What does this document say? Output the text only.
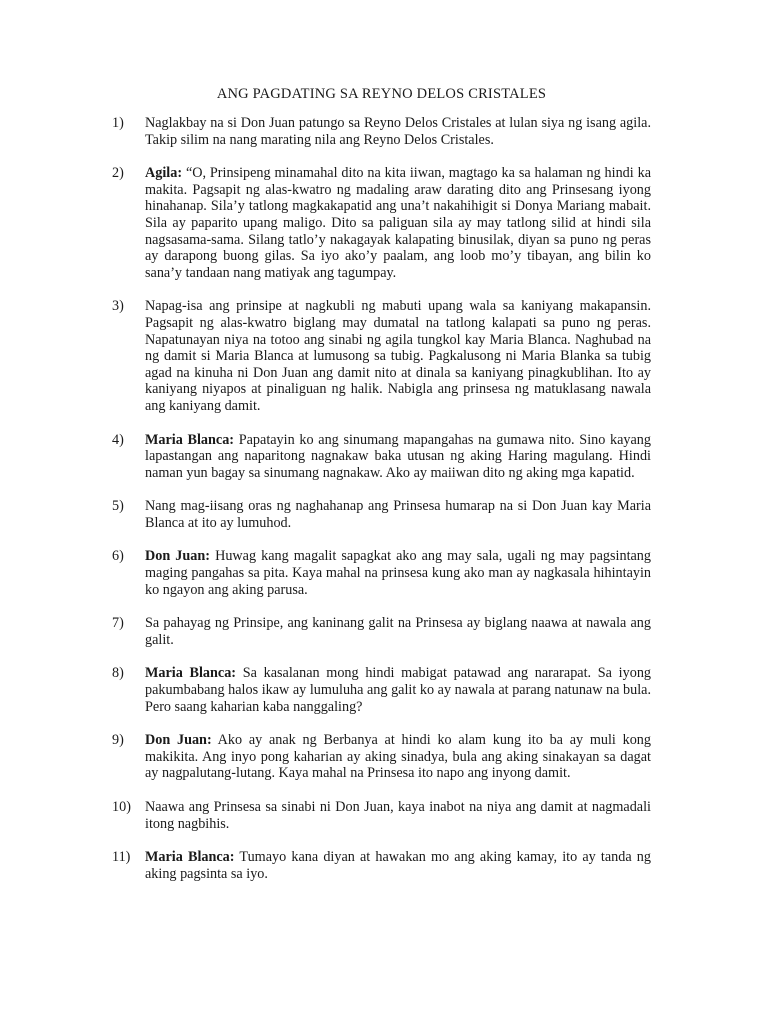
ANG PAGDATING SA REYNO DELOS CRISTALES
1)	Naglakbay na si Don Juan patungo sa Reyno Delos Cristales at lulan siya ng isang agila. Takip silim na nang marating nila ang Reyno Delos Cristales.
2)	Agila: “O, Prinsipeng minamahal dito na kita iiwan, magtago ka sa halaman ng hindi ka makita. Pagsapit ng alas-kwatro ng madaling araw darating dito ang Prinsesang iyong hinahanap. Sila’y tatlong magkakapatid ang una’t nakahihigit si Donya Mariang mabait. Sila ay paparito upang maligo. Dito sa paliguan sila ay may tatlong silid at hindi sila nagsasama-sama. Silang tatlo’y nakagayak kalapating binusilak, diyan sa puno ng peras ay darapong buong gilas. Sa iyo ako’y paalam, ang loob mo’y tibayan, ang bilin ko sana’y tandaan nang matiyak ang tagumpay.
3)	Napag-isa ang prinsipe at nagkubli ng mabuti upang wala sa kaniyang makapansin. Pagsapit ng alas-kwatro biglang may dumatal na tatlong kalapati sa puno ng peras. Napatunayan niya na totoo ang sinabi ng agila tungkol kay Maria Blanca. Naghubad na ng damit si Maria Blanca at lumusong sa tubig. Pagkalusong ni Maria Blanka sa tubig agad na kinuha ni Don Juan ang damit nito at dinala sa kaniyang pinagkublihan. Ito ay kaniyang niyapos at pinaliguan ng halik. Nabigla ang prinsesa ng matuklasang nawala ang kaniyang damit.
4)	Maria Blanca: Papatayin ko ang sinumang mapangahas na gumawa nito. Sino kayang lapastangan ang naparitong nagnakaw baka utusan ng aking Haring magulang. Hindi naman yun bagay sa sinumang nagnakaw. Ako ay maiiwan dito ng aking mga kapatid.
5)	Nang mag-iisang oras ng naghahanap ang Prinsesa humarap na si Don Juan kay Maria Blanca at ito ay lumuhod.
6)	Don Juan: Huwag kang magalit sapagkat ako ang may sala, ugali ng may pagsintang maging pangahas sa pita. Kaya mahal na prinsesa kung ako man ay nagkasala hihintayin ko ngayon ang aking parusa.
7)	Sa pahayag ng Prinsipe, ang kaninang galit na Prinsesa ay biglang naawa at nawala ang galit.
8)	Maria Blanca: Sa kasalanan mong hindi mabigat patawad ang nararapat. Sa iyong pakumbabang halos ikaw ay lumuluha ang galit ko ay nawala at parang natunaw na bula. Pero saang kaharian kaba nanggaling?
9)	Don Juan: Ako ay anak ng Berbanya at hindi ko alam kung ito ba ay muli kong makikita. Ang inyo pong kaharian ay aking sinadya, bula ang aking sinakayan sa dagat ay nagpalutang-lutang. Kaya mahal na Prinsesa ito napo ang inyong damit.
10) Naawa ang Prinsesa sa sinabi ni Don Juan, kaya inabot na niya ang damit at nagmadali itong nagbihis.
11)	Maria Blanca: Tumayo kana diyan at hawakan mo ang aking kamay, ito ay tanda ng aking pagsinta sa iyo.
